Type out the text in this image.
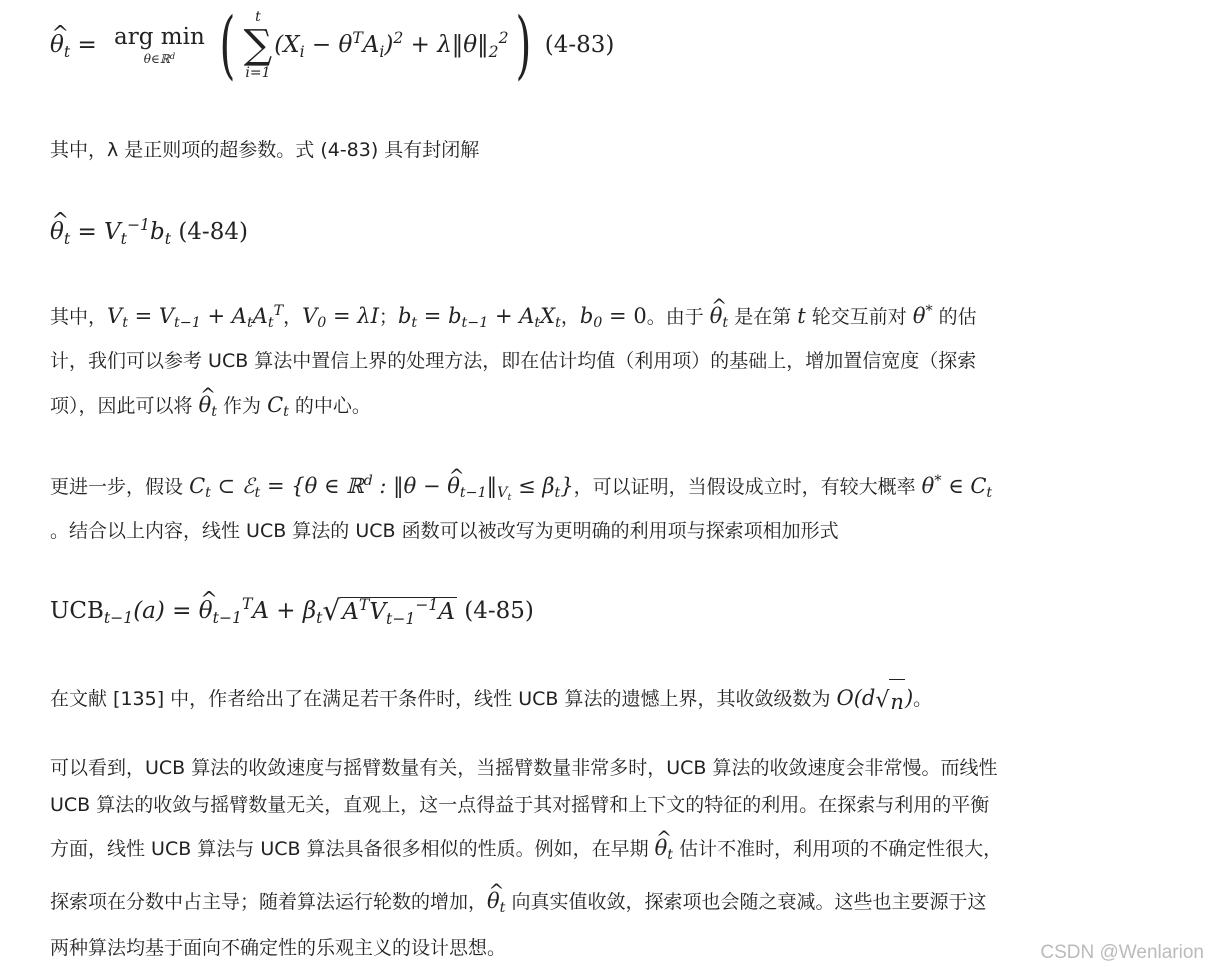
^ $\theta_t$ = arg min
θ∈ℝ$^d$ ( t
∑
i=1
$(X_i - \theta^TA_i)^2$ + $\lambda‖\theta‖_2^2$ )
(4-83)
其中，λ 是正则项的超参数。式 (4-83) 具有封闭解
^ $\theta_t = V_t^{-1}b_t$
(4-84)
其中，$V_t = V_{t-1} + A_tA_t^T$，$V_0 = \lambda I$；$b_t = b_{t-1} + A_tX_t$，$b_0 = 0$。由于 ^ $\theta_t$ 是在第 t 轮交互前对 θ* 的估
计，我们可以参考 UCB 算法中置信上界的处理方法，即在估计均值（利用项）的基础上，增加置信宽度（探索
项），因此可以将 ^ $\theta_t$ 作为 $C_t$ 的中心。
更进一步，假设 $C_t$ ⊂ ℰ$_t$ = {θ ∈ ℝ$^d$ : ‖θ − ^ $\theta_{t-1}‖_{V_t} \le \beta_t$}，可以证明，当假设成立时，有较大概率 θ* ∈ $C_t$
。结合以上内容，线性 UCB 算法的 UCB 函数可以被改写为更明确的利用项与探索项相加形式
$UCB_{t-1}$ (a) = ^ $\theta_{t-1}^TA + \beta_t$ √ $A^TV_{t-1}^{-1}A$
(4-85)
在文献 [135] 中，作者给出了在满足若干条件时，线性 UCB 算法的遗憾上界，其收敛级数为 O(d √ n )。
可以看到，UCB 算法的收敛速度与摇臂数量有关，当摇臂数量非常多时，UCB 算法的收敛速度会非常慢。而线性
UCB 算法的收敛与摇臂数量无关，直观上，这一点得益于其对摇臂和上下文的特征的利用。在探索与利用的平衡
方面，线性 UCB 算法与 UCB 算法具备很多相似的性质。例如，在早期 ^ $\theta_t$ 估计不准时，利用项的不确定性很大，
探索项在分数中占主导；随着算法运行轮数的增加，^ $\theta_t$ 向真实值收敛，探索项也会随之衰减。这些也主要源于这
两种算法均基于面向不确定性的乐观主义的设计思想。	CSDN @Wenlarion
